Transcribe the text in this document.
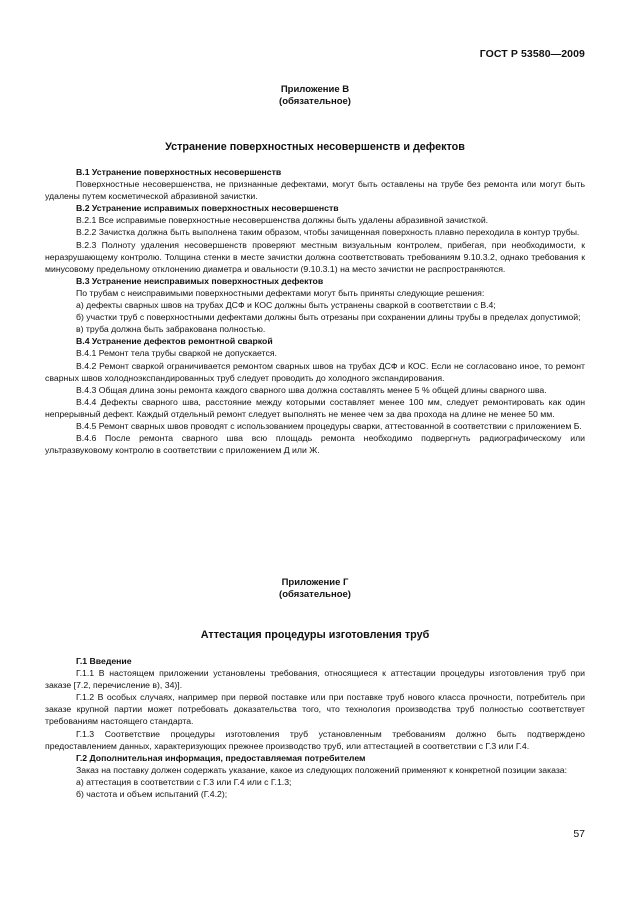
ГОСТ Р 53580—2009
Приложение В
(обязательное)
Устранение поверхностных несовершенств и дефектов

В.1 Устранение поверхностных несовершенств

Поверхностные несовершенства, не признанные дефектами, могут быть оставлены на трубе без ремонта или могут быть удалены путем косметической абразивной зачистки.

В.2 Устранение исправимых поверхностных несовершенств

В.2.1 Все исправимые поверхностные несовершенства должны быть удалены абразивной зачисткой.

В.2.2 Зачистка должна быть выполнена таким образом, чтобы зачищенная поверхность плавно переходила в контур трубы.

В.2.3 Полноту удаления несовершенств проверяют местным визуальным контролем, прибегая, при необходимости, к неразрушающему контролю. Толщина стенки в месте зачистки должна соответствовать требованиям 9.10.3.2, однако требования к минусовому предельному отклонению диаметра и овальности (9.10.3.1) на место зачистки не распространяются.

В.3 Устранение неисправимых поверхностных дефектов

По трубам с неисправимыми поверхностными дефектами могут быть приняты следующие решения:

а) дефекты сварных швов на трубах ДСФ и КОС должны быть устранены сваркой в соответствии с В.4;

б) участки труб с поверхностными дефектами должны быть отрезаны при сохранении длины трубы в пределах допустимой;

в) труба должна быть забракована полностью.

В.4 Устранение дефектов ремонтной сваркой

В.4.1 Ремонт тела трубы сваркой не допускается.

В.4.2 Ремонт сваркой ограничивается ремонтом сварных швов на трубах ДСФ и КОС. Если не согласовано иное, то ремонт сварных швов холодноэкспандированных труб следует проводить до холодного экспандирования.

В.4.3 Общая длина зоны ремонта каждого сварного шва должна составлять менее 5 % общей длины сварного шва.

В.4.4 Дефекты сварного шва, расстояние между которыми составляет менее 100 мм, следует ремонтировать как один непрерывный дефект. Каждый отдельный ремонт следует выполнять не менее чем за два прохода на длине не менее 50 мм.

В.4.5 Ремонт сварных швов проводят с использованием процедуры сварки, аттестованной в соответствии с приложением Б.

В.4.6 После ремонта сварного шва всю площадь ремонта необходимо подвергнуть радиографическому или ультразвуковому контролю в соответствии с приложением Д или Ж.

Приложение Г
(обязательное)
Аттестация процедуры изготовления труб

Г.1 Введение

Г.1.1 В настоящем приложении установлены требования, относящиеся к аттестации процедуры изготовления труб при заказе [7.2, перечисление в), 34)].

Г.1.2 В особых случаях, например при первой поставке или при поставке труб нового класса прочности, потребитель при заказе крупной партии может потребовать доказательства того, что технология производства труб полностью соответствует требованиям настоящего стандарта.

Г.1.3 Соответствие процедуры изготовления труб установленным требованиям должно быть подтверждено предоставлением данных, характеризующих прежнее производство труб, или аттестацией в соответствии с Г.3 или Г.4.

Г.2 Дополнительная информация, предоставляемая потребителем

Заказ на поставку должен содержать указание, какое из следующих положений применяют к конкретной позиции заказа:

а) аттестация в соответствии с Г.3 или Г.4 или с Г.1.3;

б) частота и объем испытаний (Г.4.2);

57
